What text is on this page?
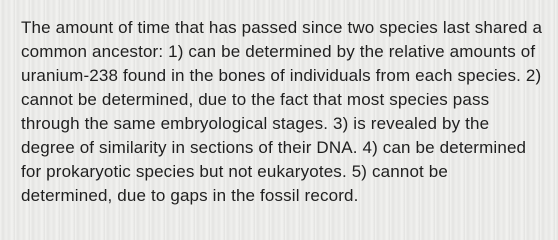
The amount of time that has passed since two species last shared a common ancestor: 1) can be determined by the relative amounts of uranium-238 found in the bones of individuals from each species. 2) cannot be determined, due to the fact that most species pass through the same embryological stages. 3) is revealed by the degree of similarity in sections of their DNA. 4) can be determined for prokaryotic species but not eukaryotes. 5) cannot be determined, due to gaps in the fossil record.
